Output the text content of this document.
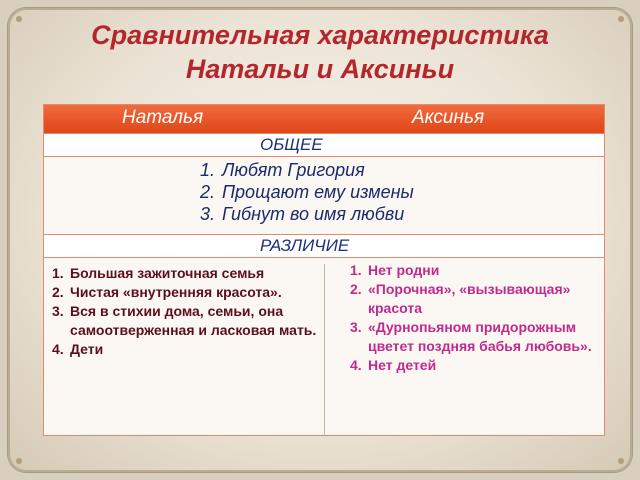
Сравнительная характеристика
Натальи и Аксиньи
Наталья	Аксинья
ОБЩЕЕ
Любят Григория
Прощают ему измены
Гибнут во имя любви
РАЗЛИЧИЕ
Большая зажиточная семья
Чистая «внутренняя красота».
Вся в стихии дома, семьи, она самоотверженная и ласковая мать.
Дети
Нет родни
«Порочная», «вызывающая» красота
«Дурнопьяном придорожным цветет поздняя бабья любовь».
Нет детей
